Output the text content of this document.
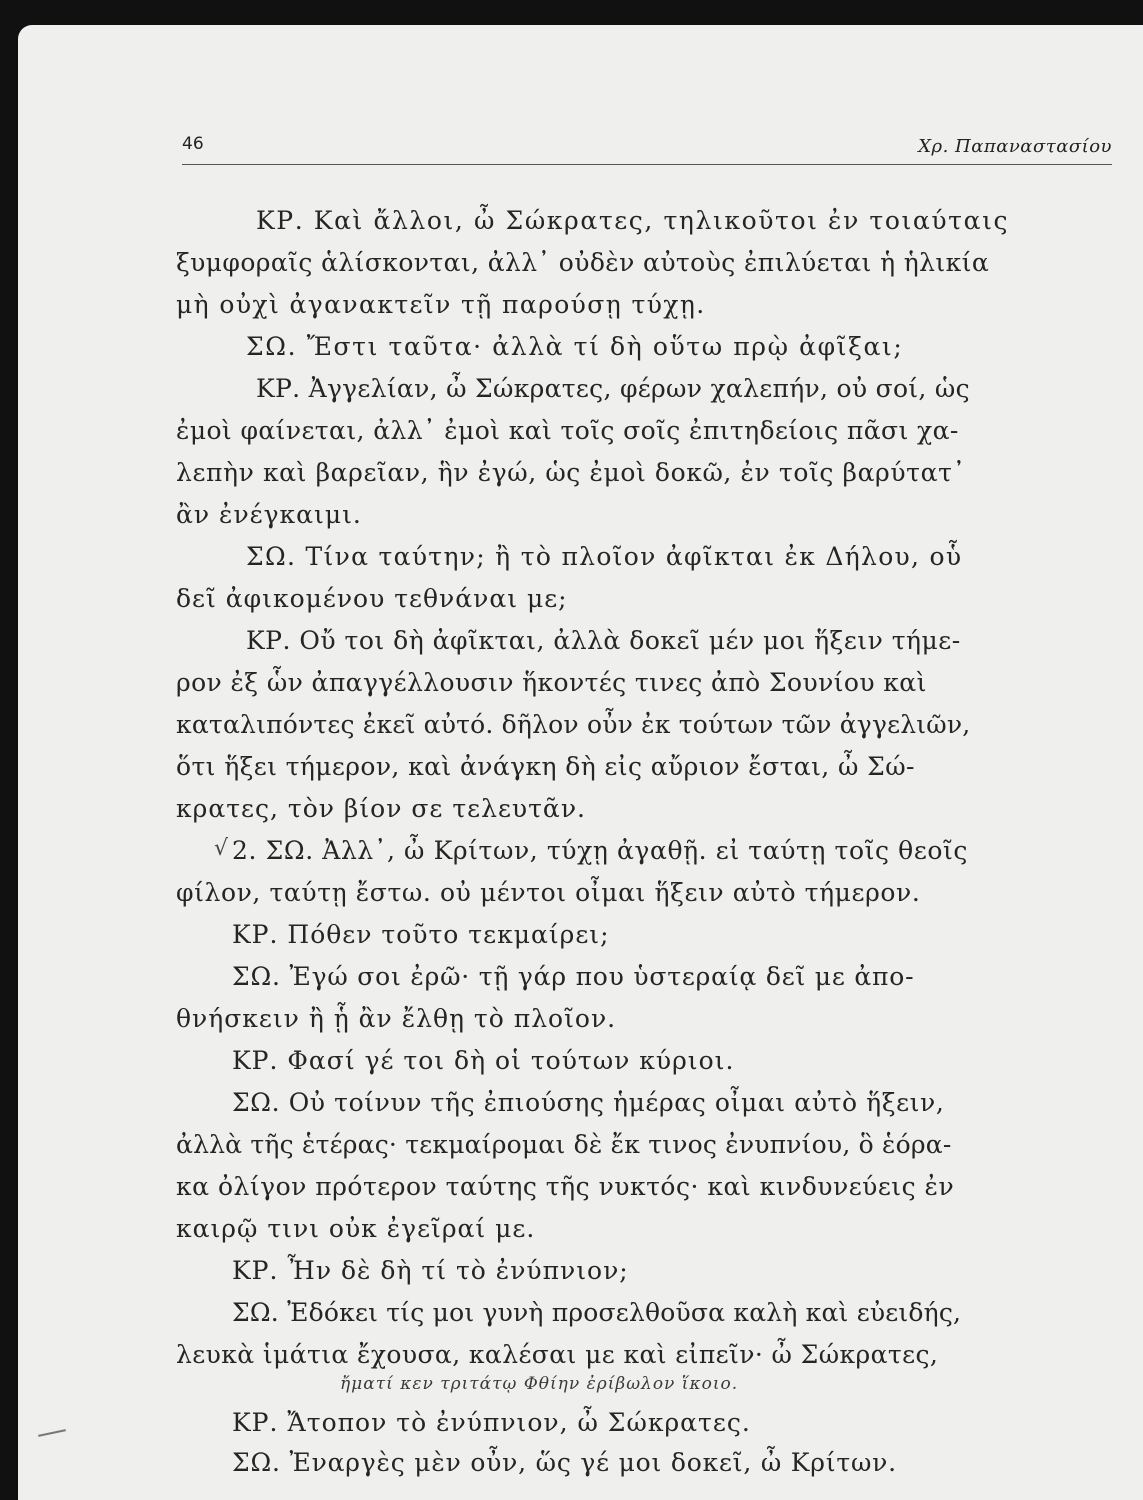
46	Χρ. Παπαναστασίου
ΚΡ. Καὶ ἄλλοι, ὦ Σώκρατες, τηλικοῦτοι ἐν τοιαύταις
ξυμφοραῖς ἁλίσκονται, ἀλλ᾽ οὐδὲν αὐτοὺς ἐπιλύεται ἡ ἡλικία
μὴ οὐχὶ ἀγανακτεῖν τῇ παρούσῃ τύχῃ.
ΣΩ. Ἔστι ταῦτα· ἀλλὰ τί δὴ οὕτω πρῲ ἀφῖξαι;
ΚΡ. Ἀγγελίαν, ὦ Σώκρατες, φέρων χαλεπήν, οὐ σοί, ὡς
ἐμοὶ φαίνεται, ἀλλ᾽ ἐμοὶ καὶ τοῖς σοῖς ἐπιτηδείοις πᾶσι χα-
λεπὴν καὶ βαρεῖαν, ἣν ἐγώ, ὡς ἐμοὶ δοκῶ, ἐν τοῖς βαρύτατ᾽
ἂν ἐνέγκαιμι.
ΣΩ. Τίνα ταύτην; ἢ τὸ πλοῖον ἀφῖκται ἐκ Δήλου, οὗ
δεῖ ἀφικομένου τεθνάναι με;
ΚΡ. Οὔ τοι δὴ ἀφῖκται, ἀλλὰ δοκεῖ μέν μοι ἥξειν τήμε-
ρον ἐξ ὧν ἀπαγγέλλουσιν ἥκοντές τινες ἀπὸ Σουνίου καὶ
καταλιπόντες ἐκεῖ αὐτό. δῆλον οὖν ἐκ τούτων τῶν ἀγγελιῶν,
ὅτι ἥξει τήμερον, καὶ ἀνάγκη δὴ εἰς αὔριον ἔσται, ὦ Σώ-
κρατες, τὸν βίον σε τελευτᾶν.
√ 2. ΣΩ. Ἀλλ᾽, ὦ Κρίτων, τύχῃ ἀγαθῇ. εἰ ταύτῃ τοῖς θεοῖς
φίλον, ταύτῃ ἔστω. οὐ μέντοι οἶμαι ἥξειν αὐτὸ τήμερον.
ΚΡ. Πόθεν τοῦτο τεκμαίρει;
ΣΩ. Ἐγώ σοι ἐρῶ· τῇ γάρ που ὑστεραίᾳ δεῖ με ἀπο-
θνήσκειν ἢ ᾗ ἂν ἔλθῃ τὸ πλοῖον.
ΚΡ. Φασί γέ τοι δὴ οἱ τούτων κύριοι.
ΣΩ. Οὐ τοίνυν τῆς ἐπιούσης ἡμέρας οἶμαι αὐτὸ ἥξειν,
ἀλλὰ τῆς ἑτέρας· τεκμαίρομαι δὲ ἔκ τινος ἐνυπνίου, ὃ ἑόρα-
κα ὀλίγον πρότερον ταύτης τῆς νυκτός· καὶ κινδυνεύεις ἐν
καιρῷ τινι οὐκ ἐγεῖραί με.
ΚΡ. Ἦν δὲ δὴ τί τὸ ἐνύπνιον;
ΣΩ. Ἐδόκει τίς μοι γυνὴ προσελθοῦσα καλὴ καὶ εὐειδής,
λευκὰ ἱμάτια ἔχουσα, καλέσαι με καὶ εἰπεῖν· ὦ Σώκρατες,
ἤματί κεν τριτάτῳ Φθίην ἐρίβωλον ἵκοιο.
ΚΡ. Ἄτοπον τὸ ἐνύπνιον, ὦ Σώκρατες.
ΣΩ. Ἐναργὲς μὲν οὖν, ὥς γέ μοι δοκεῖ, ὦ Κρίτων.
